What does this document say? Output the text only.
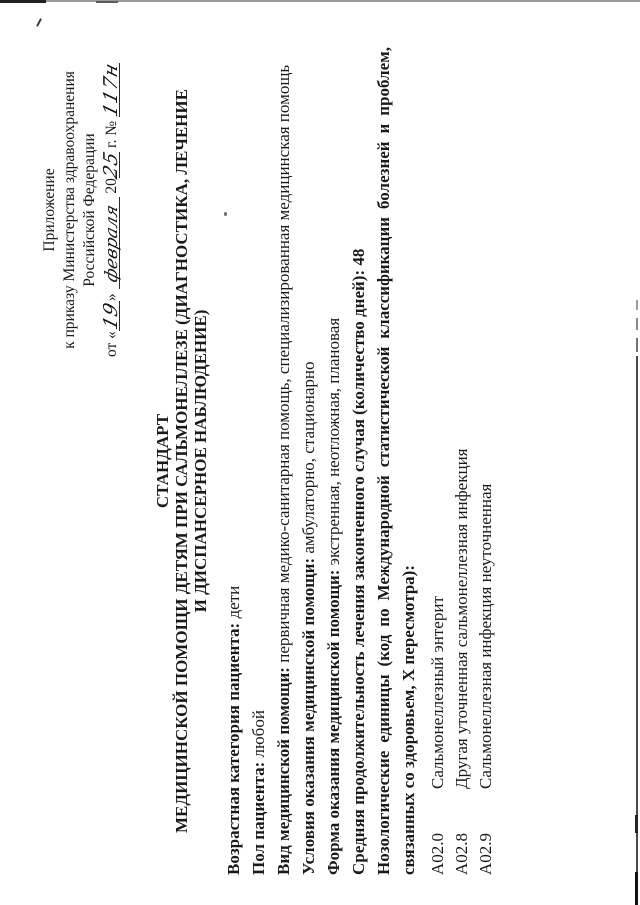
Приложение к приказу Министерства здравоохранения Российской Федерации
от «19» февраля 2025 г. № 117н
СТАНДАРТ МЕДИЦИНСКОЙ ПОМОЩИ ДЕТЯМ ПРИ САЛЬМОНЕЛЛЕЗЕ (ДИАГНОСТИКА, ЛЕЧЕНИЕ И ДИСПАНСЕРНОЕ НАБЛЮДЕНИЕ)
Возрастная категория пациента: дети
Пол пациента: любой Вид медицинской помощи: первичная медико-санитарная помощь, специализированная медицинская помощь
Условия оказания медицинской помощи: амбулаторно, стационарно
Форма оказания медицинской помощи: экстренная, неотложная, плановая Средняя продолжительность лечения законченного случая (количество дней): 48 Нозологические единицы (код по Международной статистической классификации болезней и проблем, связанных со здоровьем, X пересмотра): A02.0Сальмонеллезный энтерит
A02.8Другая уточненная сальмонеллезная инфекция
A02.9Сальмонеллезная инфекция неуточненная
